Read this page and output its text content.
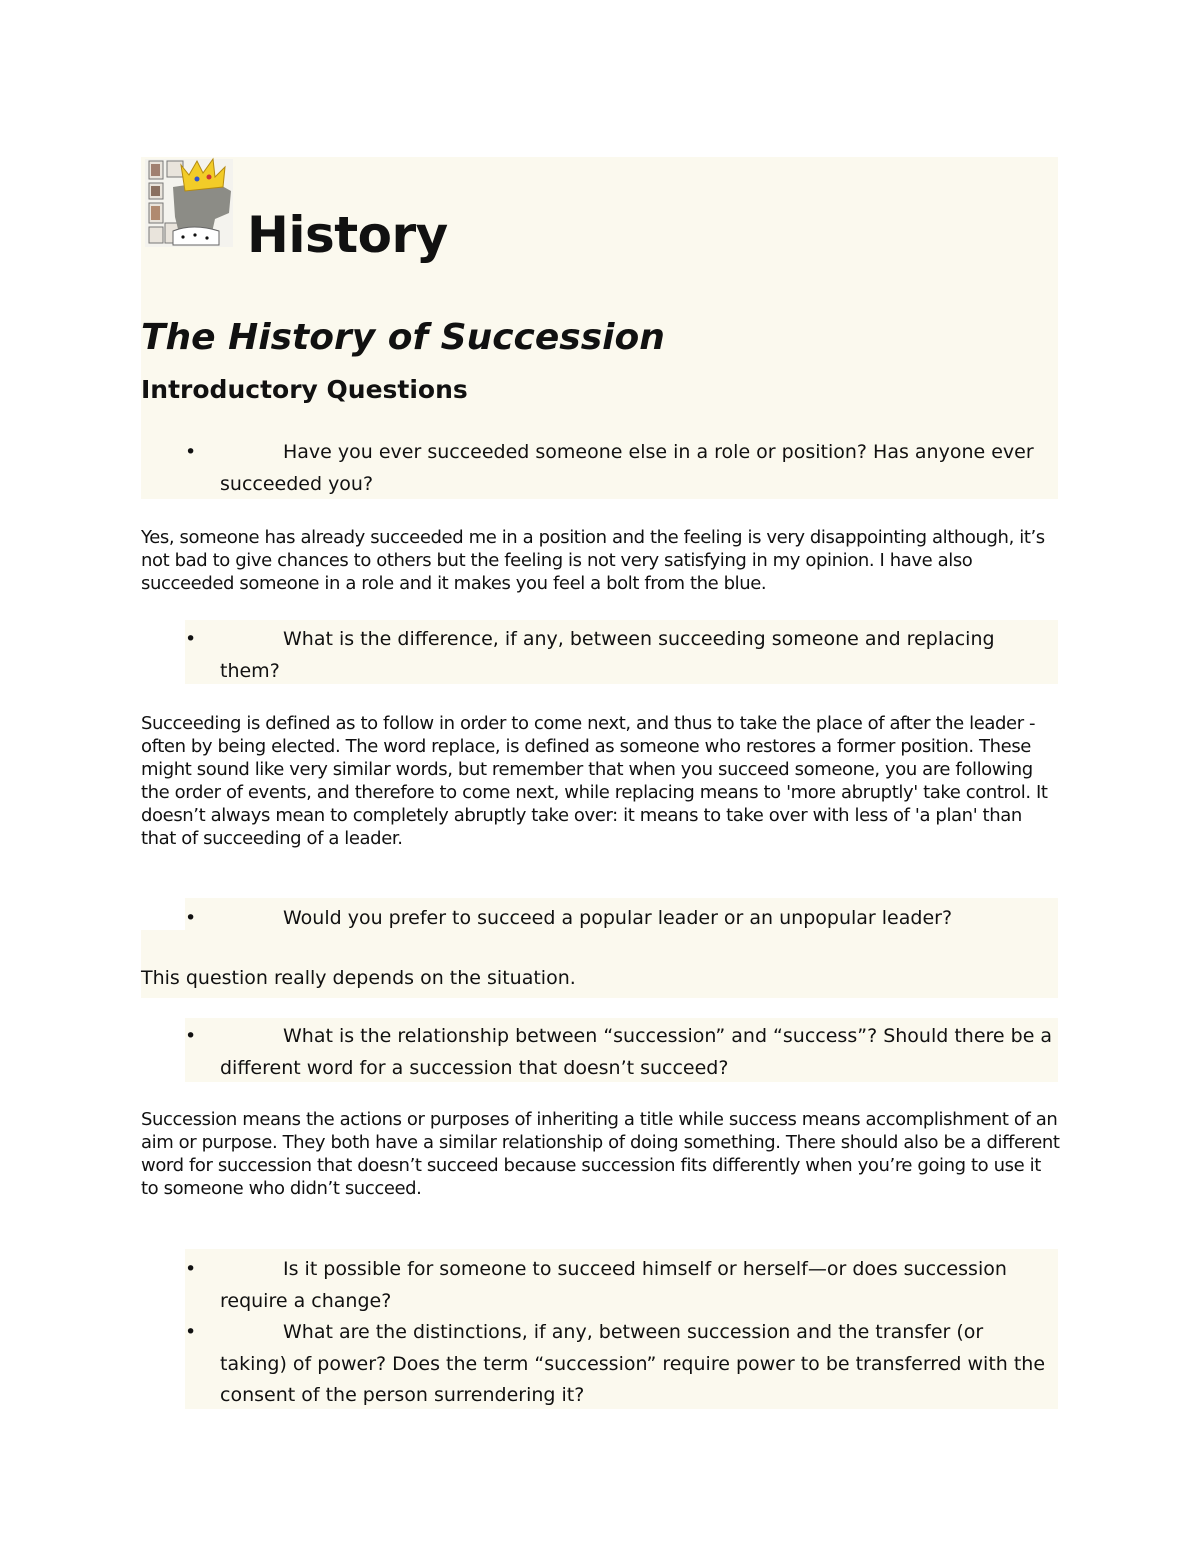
History
The History of Succession
Introductory Questions
•	Have you ever succeeded someone else in a role or position? Has anyone ever succeeded you?

Yes, someone has already succeeded me in a position and the feeling is very disappointing although, it’s not bad to give chances to others but the feeling is not very satisfying in my opinion. I have also succeeded someone in a role and it makes you feel a bolt from the blue.

•	What is the difference, if any, between succeeding someone and replacing them?

Succeeding is defined as to follow in order to come next, and thus to take the place of after the leader - often by being elected. The word replace, is defined as someone who restores a former position. These might sound like very similar words, but remember that when you succeed someone, you are following the order of events, and therefore to come next, while replacing means to 'more abruptly' take control. It doesn’t always mean to completely abruptly take over: it means to take over with less of 'a plan' than that of succeeding of a leader.

•	Would you prefer to succeed a popular leader or an unpopular leader?

This question really depends on the situation.

•	What is the relationship between “succession” and “success”? Should there be a different word for a succession that doesn’t succeed?

Succession means the actions or purposes of inheriting a title while success means accomplishment of an aim or purpose. They both have a similar relationship of doing something. There should also be a different word for succession that doesn’t succeed because succession fits differently when you’re going to use it to someone who didn’t succeed.

•	Is it possible for someone to succeed himself or herself—or does succession require a change?
•	What are the distinctions, if any, between succession and the transfer (or taking) of power? Does the term “succession” require power to be transferred with the consent of the person surrendering it?
